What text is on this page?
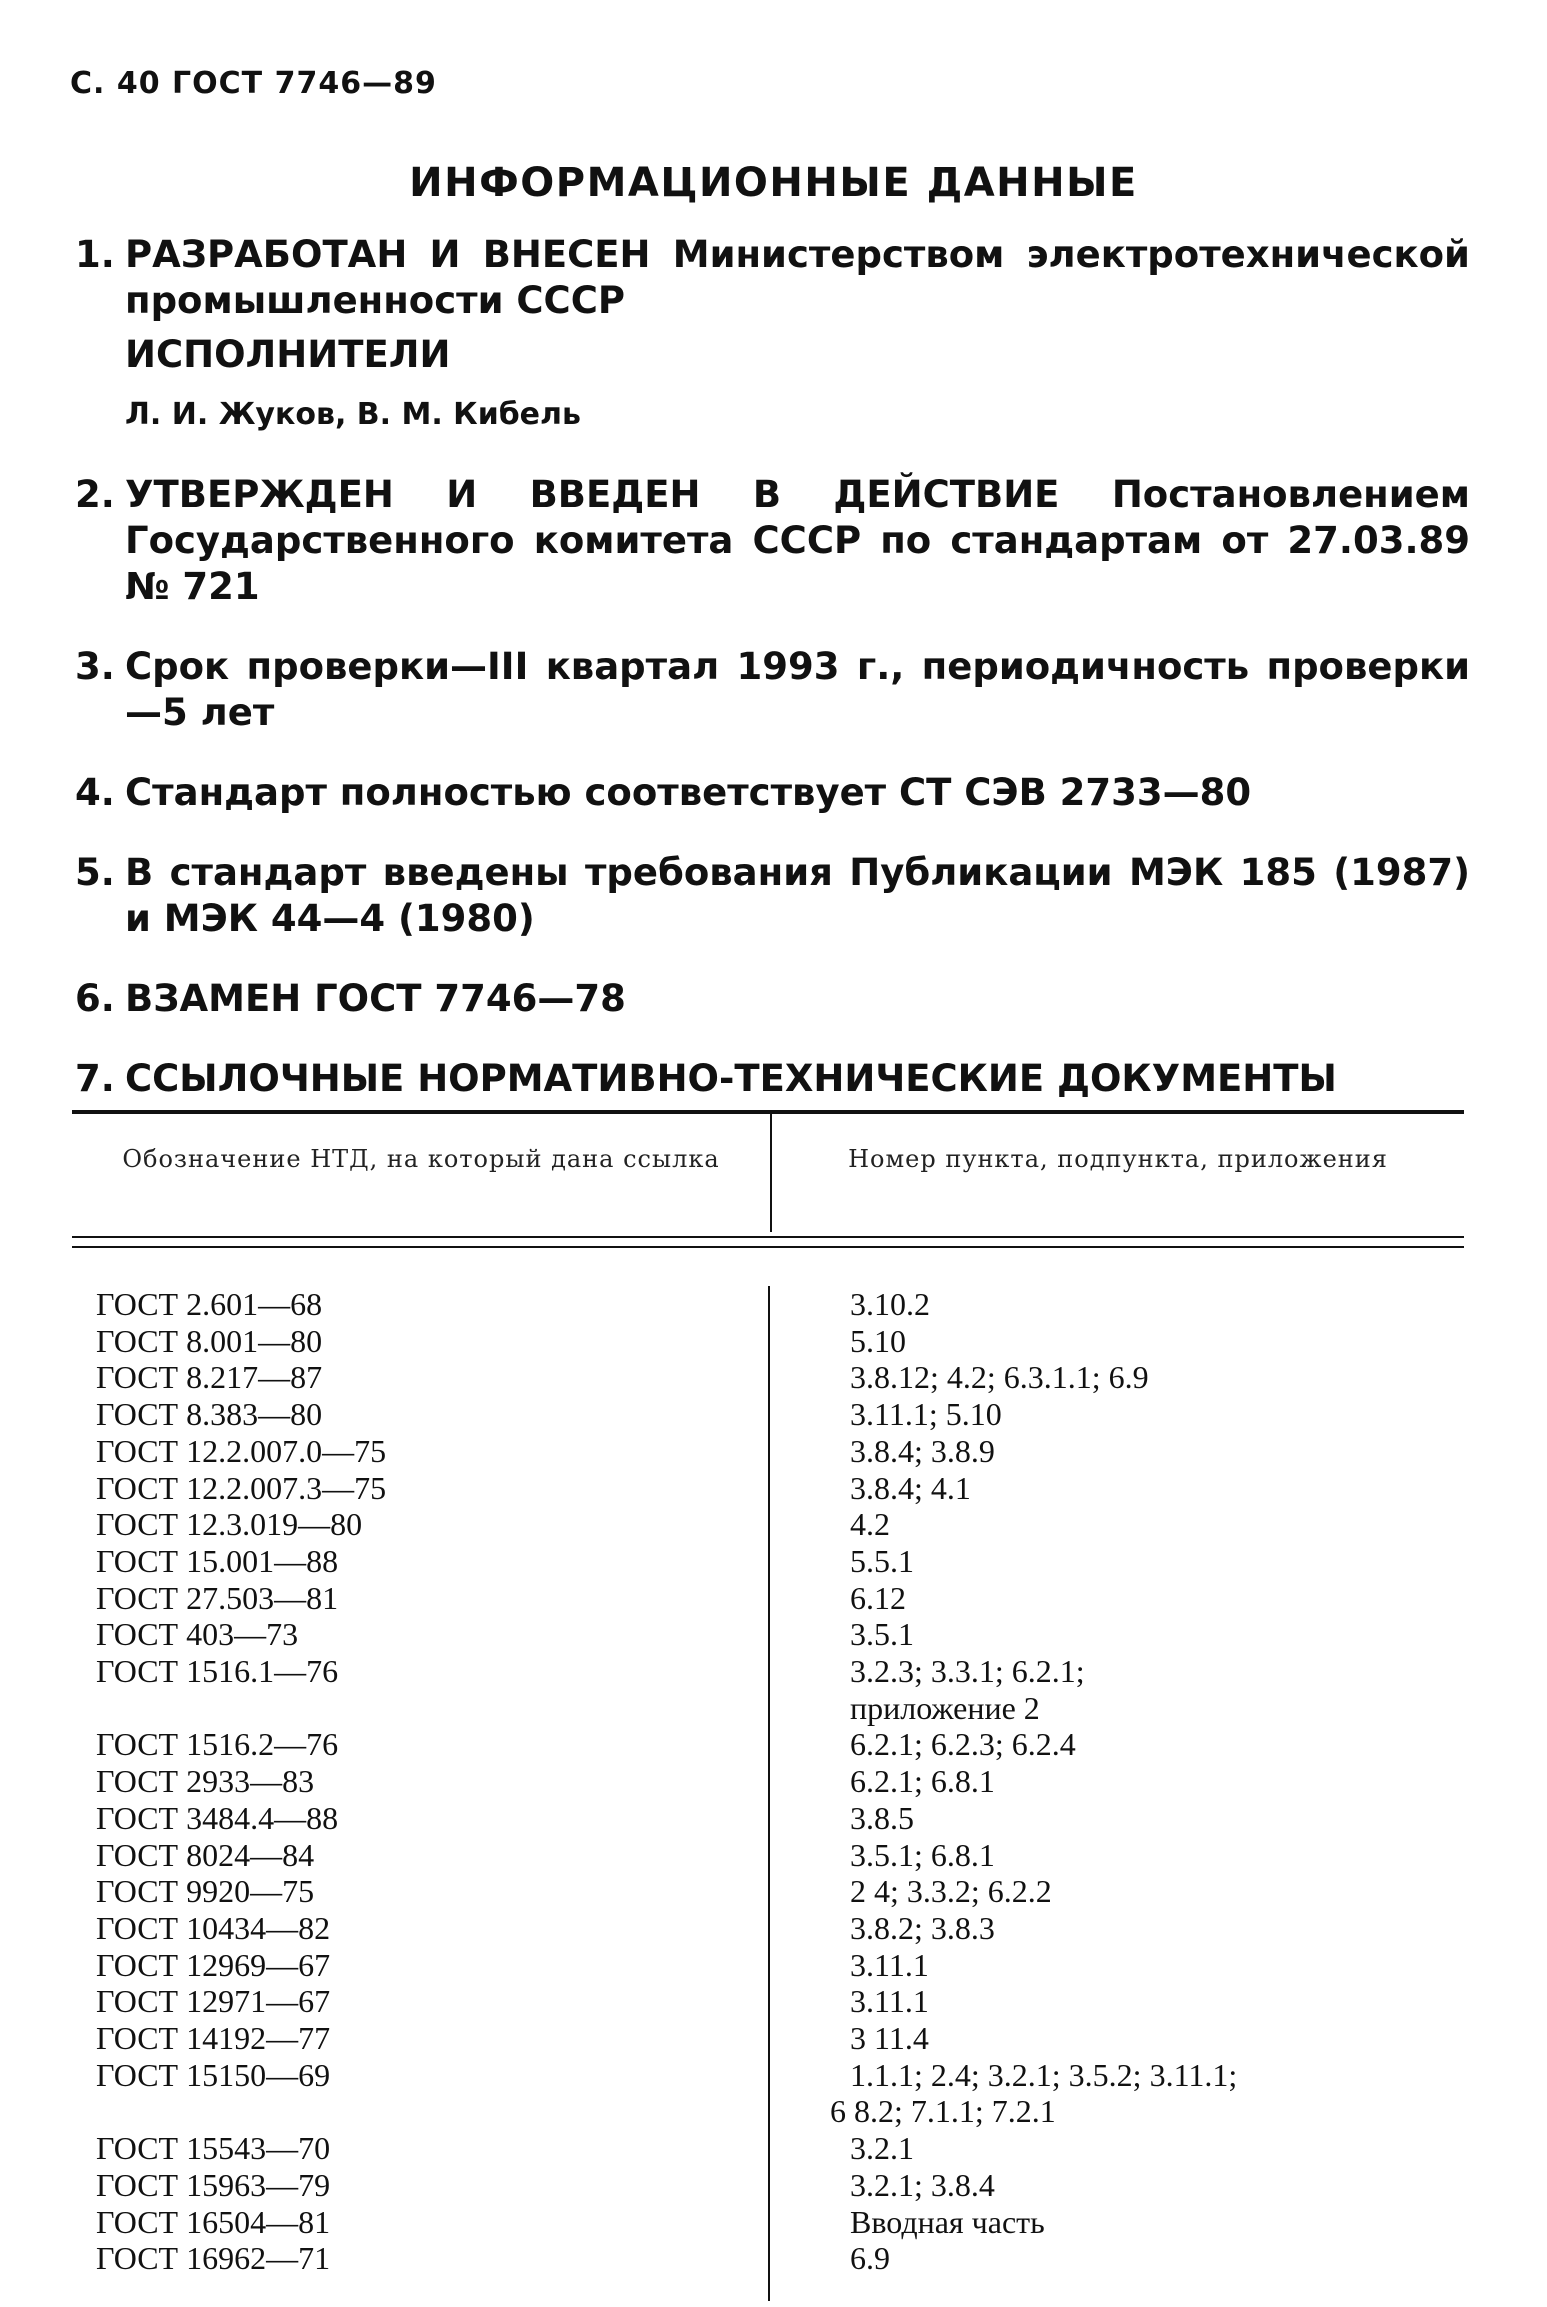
С. 40 ГОСТ 7746—89
ИНФОРМАЦИОННЫЕ ДАННЫЕ
1. РАЗРАБОТАН И ВНЕСЕН Министерством электротехнической промышленности СССР
ИСПОЛНИТЕЛИ
Л. И. Жуков, В. М. Кибель
2. УТВЕРЖДЕН И ВВЕДЕН В ДЕЙСТВИЕ Постановлением Государственного комитета СССР по стандартам от 27.03.89 № 721
3. Срок проверки—III квартал 1993 г., периодичность проверки—5 лет
4. Стандарт полностью соответствует СТ СЭВ 2733—80
5. В стандарт введены требования Публикации МЭК 185 (1987) и МЭК 44—4 (1980)
6. ВЗАМЕН ГОСТ 7746—78
7. ССЫЛОЧНЫЕ НОРМАТИВНО-ТЕХНИЧЕСКИЕ ДОКУМЕНТЫ
Обозначение НТД, на который дана ссылка	Номер пункта, подпункта, приложения
ГОСТ 2.601—68
ГОСТ 8.001—80
ГОСТ 8.217—87
ГОСТ 8.383—80
ГОСТ 12.2.007.0—75
ГОСТ 12.2.007.3—75
ГОСТ 12.3.019—80
ГОСТ 15.001—88
ГОСТ 27.503—81
ГОСТ 403—73
ГОСТ 1516.1—76
ГОСТ 1516.2—76
ГОСТ 2933—83
ГОСТ 3484.4—88
ГОСТ 8024—84
ГОСТ 9920—75
ГОСТ 10434—82
ГОСТ 12969—67
ГОСТ 12971—67
ГОСТ 14192—77
ГОСТ 15150—69
ГОСТ 15543—70
ГОСТ 15963—79
ГОСТ 16504—81
ГОСТ 16962—71
3.10.2
5.10
3.8.12; 4.2; 6.3.1.1; 6.9
3.11.1; 5.10
3.8.4; 3.8.9
3.8.4; 4.1
4.2
5.5.1
6.12
3.5.1
3.2.3; 3.3.1; 6.2.1;
приложение 2
6.2.1; 6.2.3; 6.2.4
6.2.1; 6.8.1
3.8.5
3.5.1; 6.8.1
2 4; 3.3.2; 6.2.2
3.8.2; 3.8.3
3.11.1
3.11.1
3 11.4
1.1.1; 2.4; 3.2.1; 3.5.2; 3.11.1;
6 8.2; 7.1.1; 7.2.1
3.2.1
3.2.1; 3.8.4
Вводная часть
6.9
